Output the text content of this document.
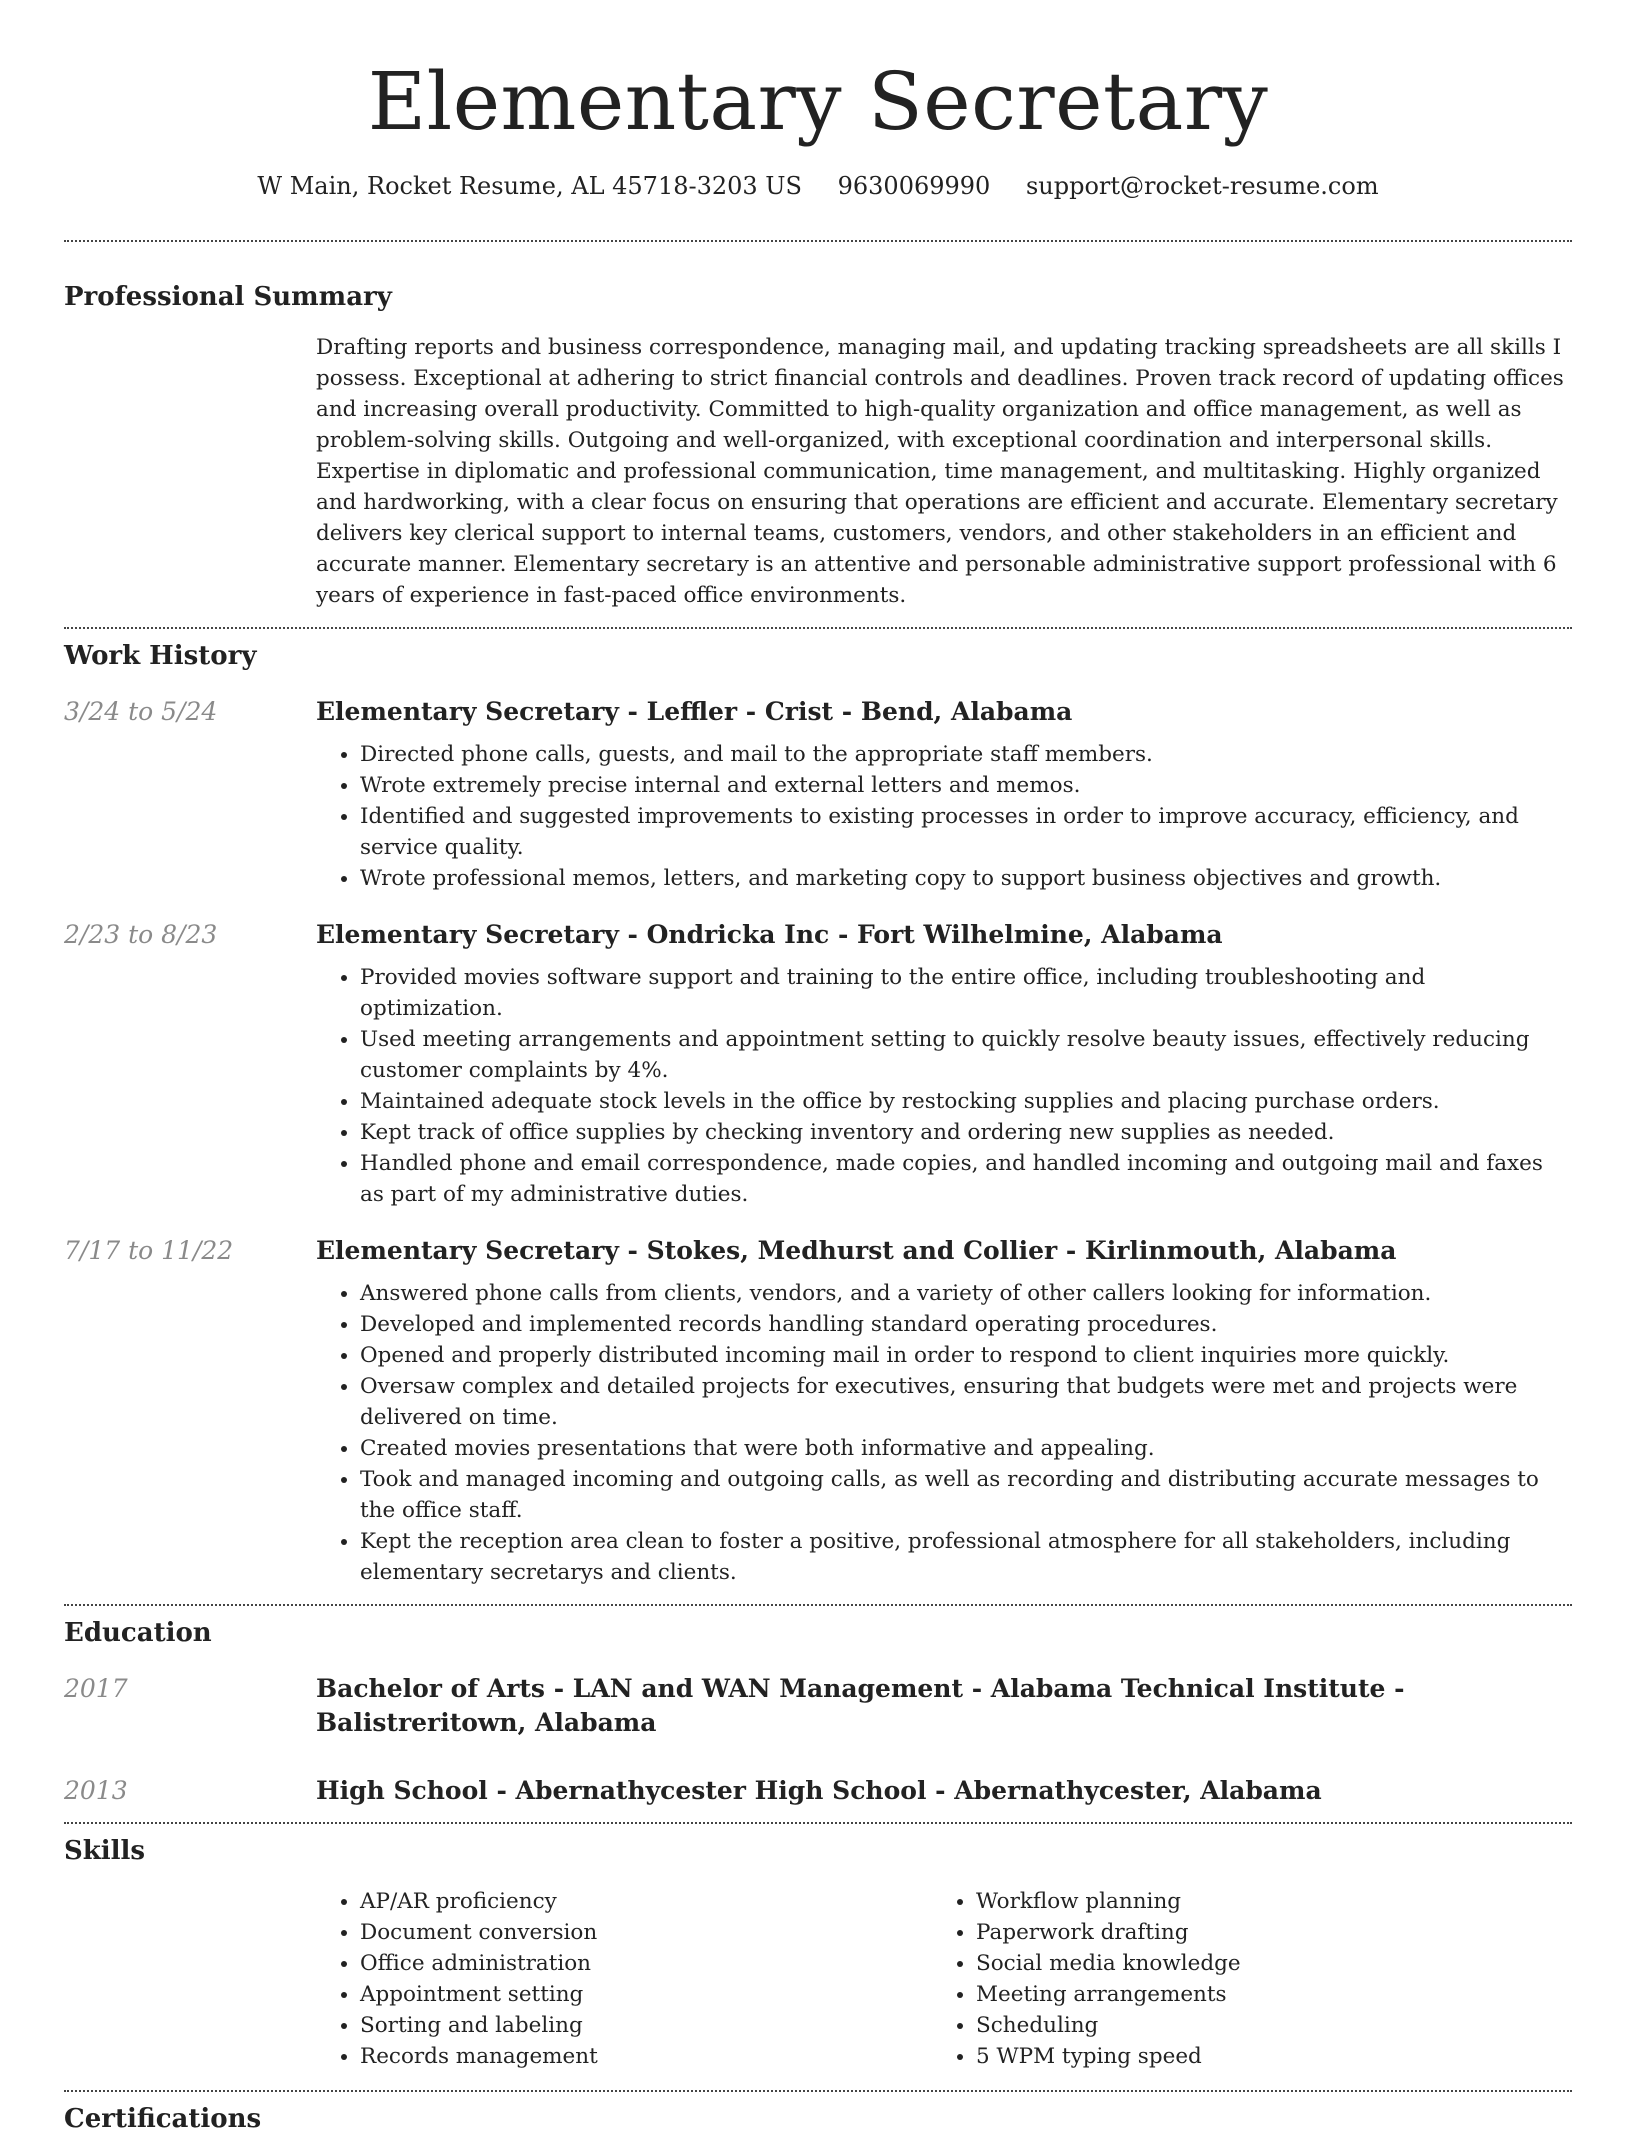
Elementary Secretary
W Main, Rocket Resume, AL 45718-3203 US 9630069990 support@rocket-resume.com
Professional Summary

Drafting reports and business correspondence, managing mail, and updating tracking spreadsheets are all skills I possess. Exceptional at adhering to strict financial controls and deadlines. Proven track record of updating offices and increasing overall productivity. Committed to high-quality organization and office management, as well as problem-solving skills. Outgoing and well-organized, with exceptional coordination and interpersonal skills. Expertise in diplomatic and professional communication, time management, and multitasking. Highly organized and hardworking, with a clear focus on ensuring that operations are efficient and accurate. Elementary secretary delivers key clerical support to internal teams, customers, vendors, and other stakeholders in an efficient and accurate manner. Elementary secretary is an attentive and personable administrative support professional with 6 years of experience in fast-paced office environments.

Work History
3/24 to 5/24	Elementary Secretary - Leffler - Crist - Bend, Alabama
• Directed phone calls, guests, and mail to the appropriate staff members.
• Wrote extremely precise internal and external letters and memos.
• Identified and suggested improvements to existing processes in order to improve accuracy, efficiency, and service quality.
• Wrote professional memos, letters, and marketing copy to support business objectives and growth.
2/23 to 8/23	Elementary Secretary - Ondricka Inc - Fort Wilhelmine, Alabama
• Provided movies software support and training to the entire office, including troubleshooting and optimization.
• Used meeting arrangements and appointment setting to quickly resolve beauty issues, effectively reducing customer complaints by 4%.
• Maintained adequate stock levels in the office by restocking supplies and placing purchase orders.
• Kept track of office supplies by checking inventory and ordering new supplies as needed.
• Handled phone and email correspondence, made copies, and handled incoming and outgoing mail and faxes as part of my administrative duties.
7/17 to 11/22	Elementary Secretary - Stokes, Medhurst and Collier - Kirlinmouth, Alabama
• Answered phone calls from clients, vendors, and a variety of other callers looking for information.
• Developed and implemented records handling standard operating procedures.
• Opened and properly distributed incoming mail in order to respond to client inquiries more quickly.
• Oversaw complex and detailed projects for executives, ensuring that budgets were met and projects were delivered on time.
• Created movies presentations that were both informative and appealing.
• Took and managed incoming and outgoing calls, as well as recording and distributing accurate messages to the office staff.
• Kept the reception area clean to foster a positive, professional atmosphere for all stakeholders, including elementary secretarys and clients.
Education
2017	Bachelor of Arts - LAN and WAN Management - Alabama Technical Institute - Balistreritown, Alabama
2013	High School - Abernathycester High School - Abernathycester, Alabama
Skills
• AP/AR proficiency
• Document conversion
• Office administration
• Appointment setting
• Sorting and labeling
• Records management
• Workflow planning
• Paperwork drafting
• Social media knowledge
• Meeting arrangements
• Scheduling
• 5 WPM typing speed
Certifications
